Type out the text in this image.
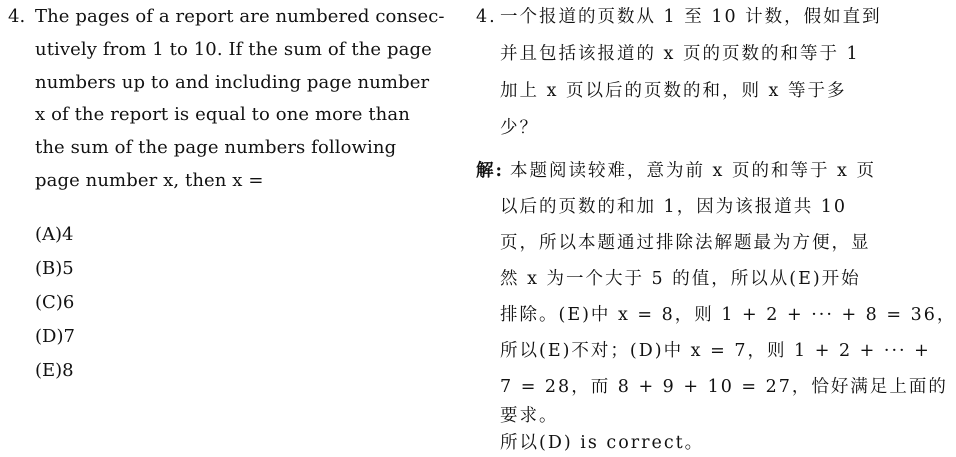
4. The pages of a report are numbered consec-
utively from 1 to 10. If the sum of the page
numbers up to and including page number
x of the report is equal to one more than
the sum of the page numbers following
page number x, then x =
(A)4
(B)5
(C)6
(D)7
(E)8
4. 一个报道的页数从 1 至 10 计数，假如直到
并且包括该报道的 x 页的页数的和等于 1
加上 x 页以后的页数的和，则 x 等于多
少？
解: 本题阅读较难，意为前 x 页的和等于 x 页
以后的页数的和加 1，因为该报道共 10
页，所以本题通过排除法解题最为方便，显
然 x 为一个大于 5 的值，所以从(E)开始
排除。(E)中 x = 8，则 1 + 2 + ··· + 8 = 36，
所以(E)不对；(D)中 x = 7，则 1 + 2 + ··· +
7 = 28，而 8 + 9 + 10 = 27，恰好满足上面的
要求。
所以(D) is correct。
